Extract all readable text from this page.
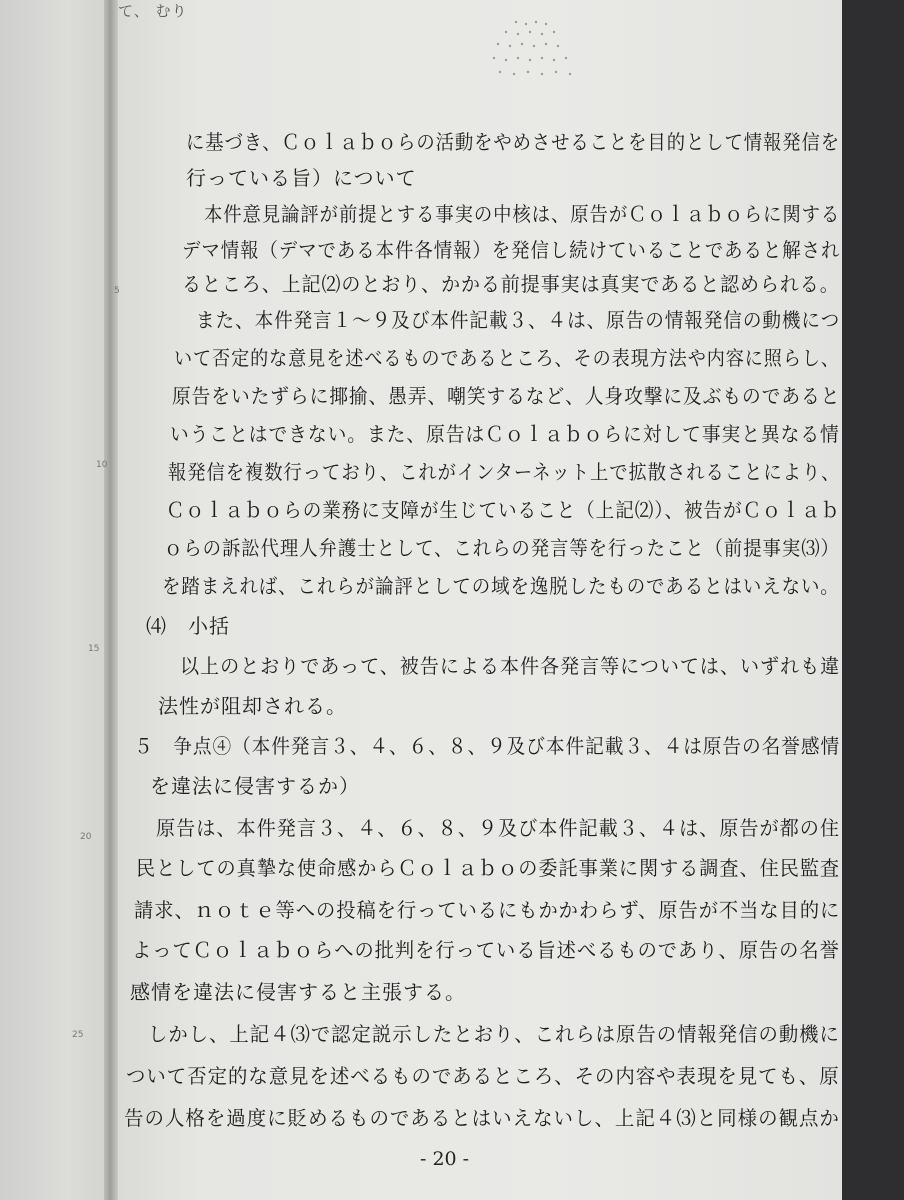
て、 むり
5
10
15
20
25
に基づき、Ｃｏｌａｂｏらの活動をやめさせることを目的として情報発信を
行っている旨）について
本件意見論評が前提とする事実の中核は、原告がＣｏｌａｂｏらに関する
デマ情報（デマである本件各情報）を発信し続けていることであると解され
るところ、上記⑵のとおり、かかる前提事実は真実であると認められる。
また、本件発言１～９及び本件記載３、４は、原告の情報発信の動機につ
いて否定的な意見を述べるものであるところ、その表現方法や内容に照らし、
原告をいたずらに揶揄、愚弄、嘲笑するなど、人身攻撃に及ぶものであると
いうことはできない。また、原告はＣｏｌａｂｏらに対して事実と異なる情
報発信を複数行っており、これがインターネット上で拡散されることにより、
Ｃｏｌａｂｏらの業務に支障が生じていること（上記⑵）、被告がＣｏｌａｂ
ｏらの訴訟代理人弁護士として、これらの発言等を行ったこと（前提事実⑶）
を踏まえれば、これらが論評としての域を逸脱したものであるとはいえない。
⑷　小括
以上のとおりであって、被告による本件各発言等については、いずれも違
法性が阻却される。
５　争点④（本件発言３、４、６、８、９及び本件記載３、４は原告の名誉感情
を違法に侵害するか）
原告は、本件発言３、４、６、８、９及び本件記載３、４は、原告が都の住
民としての真摯な使命感からＣｏｌａｂｏの委託事業に関する調査、住民監査
請求、ｎｏｔｅ等への投稿を行っているにもかかわらず、原告が不当な目的に
よってＣｏｌａｂｏらへの批判を行っている旨述べるものであり、原告の名誉
感情を違法に侵害すると主張する。
しかし、上記４⑶で認定説示したとおり、これらは原告の情報発信の動機に
ついて否定的な意見を述べるものであるところ、その内容や表現を見ても、原
告の人格を過度に貶めるものであるとはいえないし、上記４⑶と同様の観点か
- 20 -
